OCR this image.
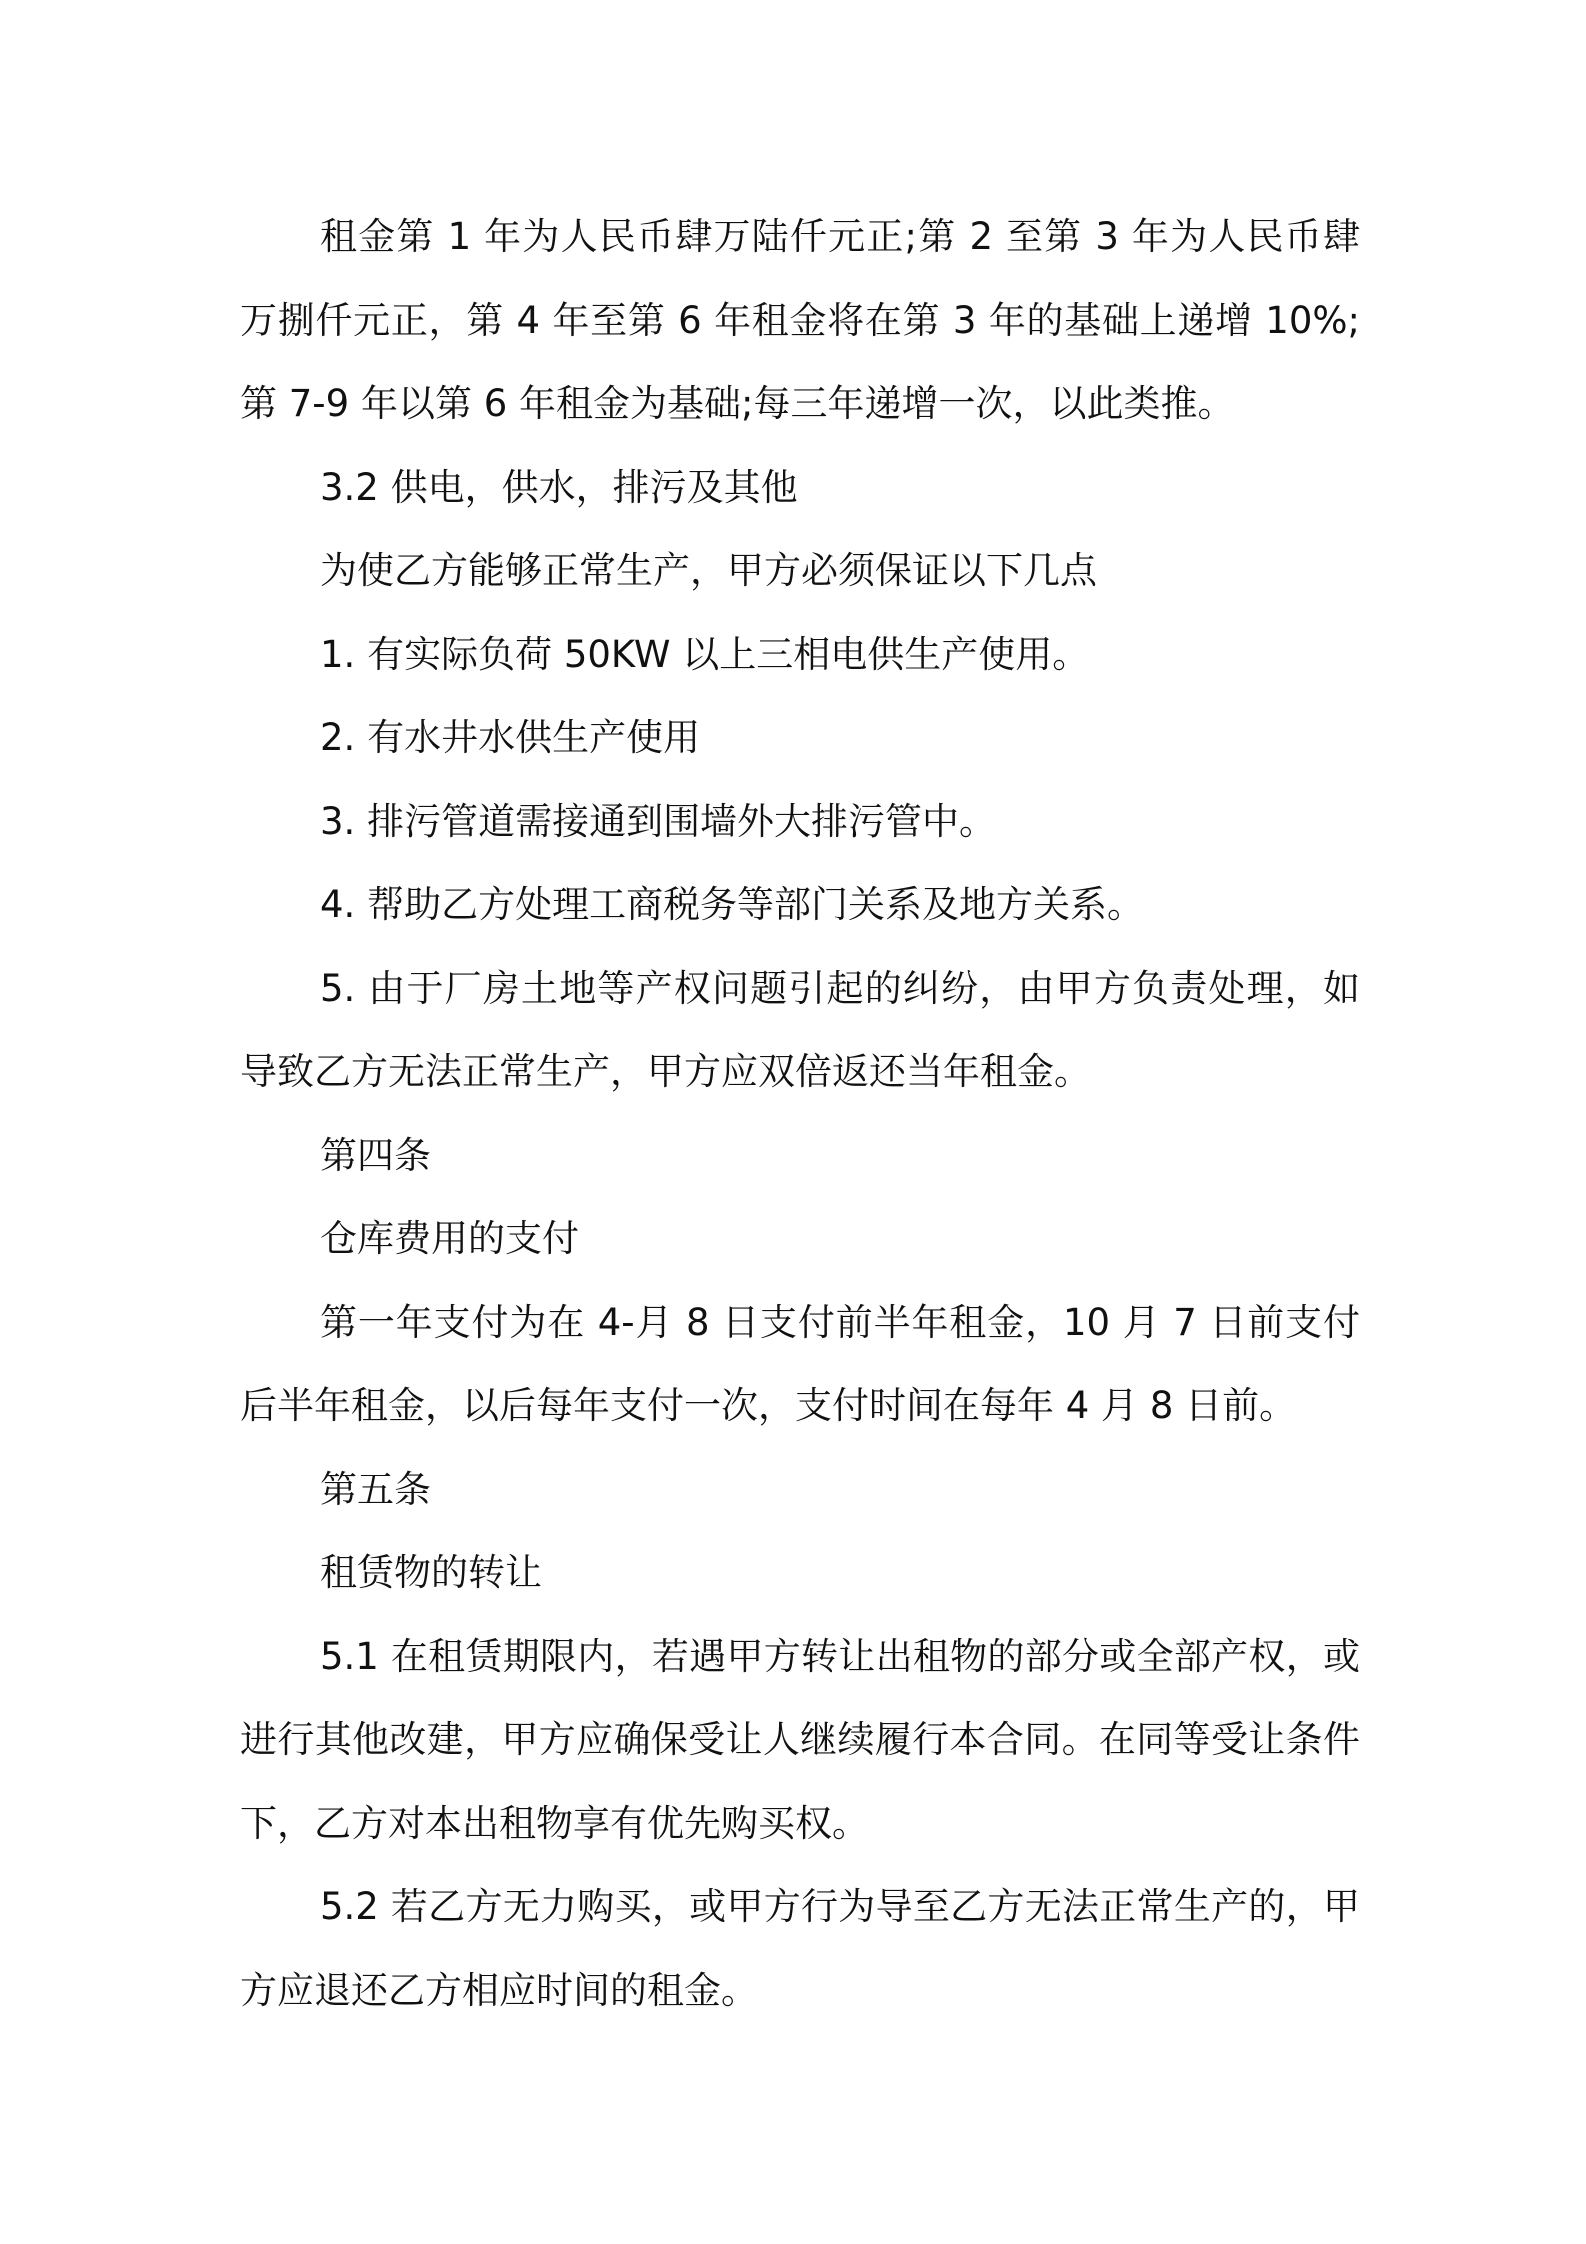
租金第 1 年为人民币肆万陆仟元正;第 2 至第 3 年为人民币肆万捌仟元正，第 4 年至第 6 年租金将在第 3 年的基础上递增 10%;第 7-9 年以第 6 年租金为基础;每三年递增一次，以此类推。

3.2 供电，供水，排污及其他

为使乙方能够正常生产，甲方必须保证以下几点

1. 有实际负荷 50KW 以上三相电供生产使用。

2. 有水井水供生产使用

3. 排污管道需接通到围墙外大排污管中。

4. 帮助乙方处理工商税务等部门关系及地方关系。

5. 由于厂房土地等产权问题引起的纠纷，由甲方负责处理，如导致乙方无法正常生产，甲方应双倍返还当年租金。

第四条

仓库费用的支付

第一年支付为在 4-月 8 日支付前半年租金，10 月 7 日前支付后半年租金，以后每年支付一次，支付时间在每年 4 月 8 日前。

第五条

租赁物的转让

5.1 在租赁期限内，若遇甲方转让出租物的部分或全部产权，或进行其他改建，甲方应确保受让人继续履行本合同。在同等受让条件下，乙方对本出租物享有优先购买权。

5.2 若乙方无力购买，或甲方行为导至乙方无法正常生产的，甲方应退还乙方相应时间的租金。
